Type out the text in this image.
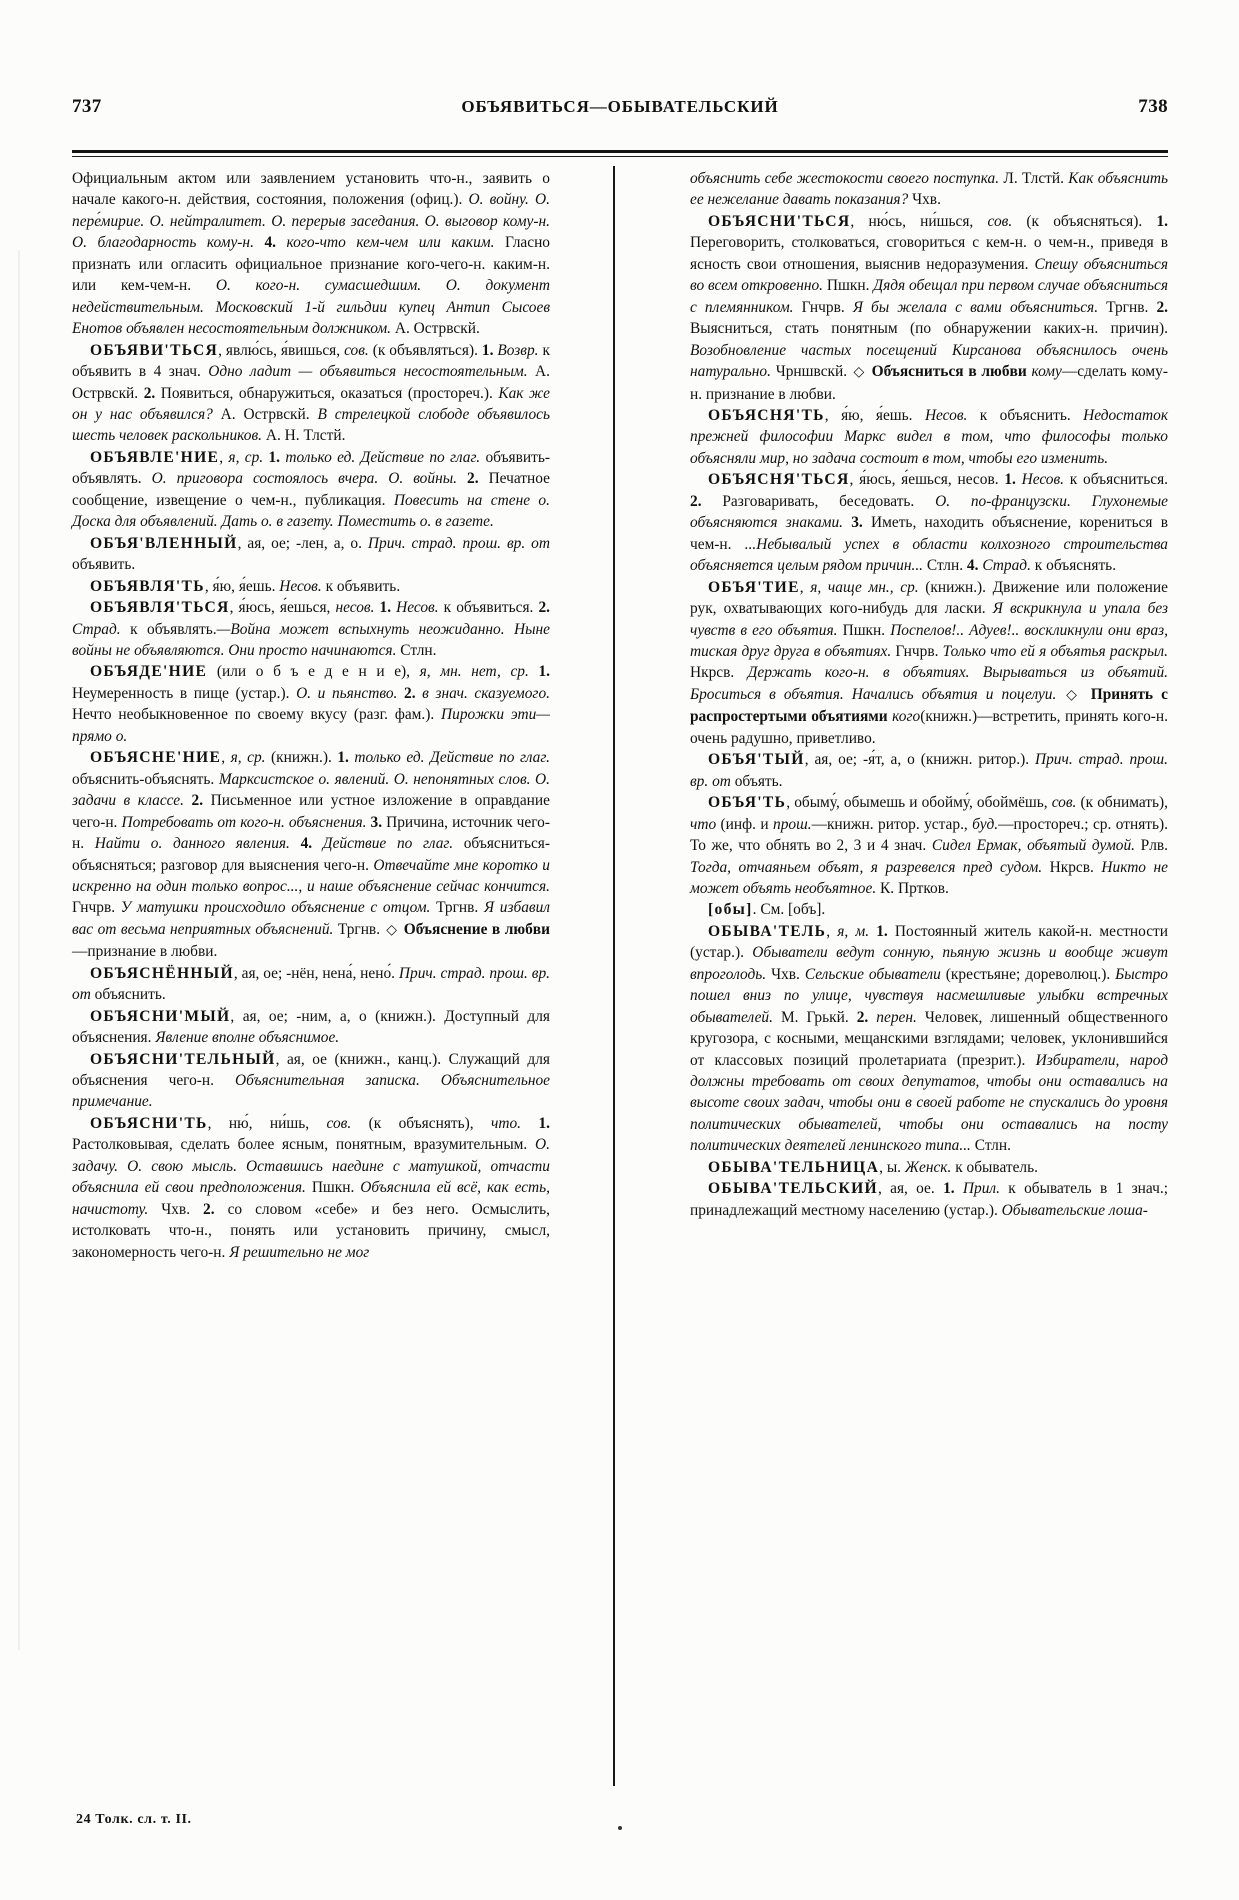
737	ОБЪЯВИТЬСЯ—ОБЫВАТЕЛЬСКИЙ	738

Официальным актом или заявлением установить что-н., заявить о начале какого-н. действия, состояния, положения (офиц.). О. войну. О. пере́мирие. О. нейтралитет. О. перерыв заседания. О. выговор кому-н. О. благодарность кому-н. 4. кого-что кем-чем или каким. Гласно признать или огласить официальное признание кого-чего-н. каким-н. или кем-чем-н. О. кого-н. сумасшедшим. О. документ недействительным. Московский 1-й гильдии купец Антип Сысоев Енотов объявлен несостоятельным должником. А. Острвскй.

ОБЪЯВИ'ТЬСЯ, явлю́сь, я́вишься, сов. (к объявляться). 1. Возвр. к объявить в 4 знач. Одно ладит — объявиться несостоятельным. А. Острвскй. 2. Появиться, обнаружиться, оказаться (простореч.). Как же он у нас объявился? А. Острвскй. В стрелецкой слободе объявилось шесть человек раскольников. А. Н. Тлстй.

ОБЪЯВЛЕ'НИЕ, я, ср. 1. только ед. Действие по глаг. объявить-объявлять. О. приговора состоялось вчера. О. войны. 2. Печатное сообщение, извещение о чем-н., публикация. Повесить на стене о. Доска для объявлений. Дать о. в газету. Поместить о. в газете.

ОБЪЯ'ВЛЕННЫЙ, ая, ое; -лен, а, о. Прич. страд. прош. вр. от объявить.

ОБЪЯВЛЯ'ТЬ, я́ю, я́ешь. Несов. к объявить.

ОБЪЯВЛЯ'ТЬСЯ, я́юсь, я́ешься, несов. 1. Несов. к объявиться. 2. Страд. к объявлять.—Война может вспыхнуть неожиданно. Ныне войны не объявляются. Они просто начинаются. Стлн.

ОБЪЯДЕ'НИЕ (или о б ъ е д е н и е), я, мн. нет, ср. 1. Неумеренность в пище (устар.). О. и пьянство. 2. в знач. сказуемого. Нечто необыкновенное по своему вкусу (разг. фам.). Пирожки эти—прямо о.

ОБЪЯСНЕ'НИЕ, я, ср. (книжн.). 1. только ед. Действие по глаг. объяснить-объяснять. Марксистское о. явлений. О. непонятных слов. О. задачи в классе. 2. Письменное или устное изложение в оправдание чего-н. Потребовать от кого-н. объяснения. 3. Причина, источник чего-н. Найти о. данного явления. 4. Действие по глаг. объясниться-объясняться; разговор для выяснения чего-н. Отвечайте мне коротко и искренно на один только вопрос..., и наше объяснение сейчас кончится. Гнчрв. У матушки происходило объяснение с отцом. Тргнв. Я избавил вас от весьма неприятных объяснений. Тргнв. ◇ Объяснение в любви—признание в любви.

ОБЪЯСНЁННЫЙ, ая, ое; -нён, нена́, нено́. Прич. страд. прош. вр. от объяснить.

ОБЪЯСНИ'МЫЙ, ая, ое; -ним, а, о (книжн.). Доступный для объяснения. Явление вполне объяснимое.

ОБЪЯСНИ'ТЕЛЬНЫЙ, ая, ое (книжн., канц.). Служащий для объяснения чего-н. Объяснительная записка. Объяснительное примечание.

ОБЪЯСНИ'ТЬ, ню́, ни́шь, сов. (к объяснять), что. 1. Растолковывая, сделать более ясным, понятным, вразумительным. О. задачу. О. свою мысль. Оставшись наедине с матушкой, отчасти объяснила ей свои предположения. Пшкн. Объяснила ей всё, как есть, начистоту. Чхв. 2. со словом «себе» и без него. Осмыслить, истолковать что-н., понять или установить причину, смысл, закономерность чего-н. Я решительно не мог

объяснить себе жестокости своего поступка. Л. Тлстй. Как объяснить ее нежелание давать показания? Чхв.

ОБЪЯСНИ'ТЬСЯ, ню́сь, ни́шься, сов. (к объясняться). 1. Переговорить, столковаться, сговориться с кем-н. о чем-н., приведя в ясность свои отношения, выяснив недоразумения. Спешу объясниться во всем откровенно. Пшкн. Дядя обещал при первом случае объясниться с племянником. Гнчрв. Я бы желала с вами объясниться. Тргнв. 2. Выясниться, стать понятным (по обнаружении каких-н. причин). Возобновление частых посещений Кирсанова объяснилось очень натурально. Чрншвскй. ◇ Объясниться в любви кому—сделать кому-н. признание в любви.

ОБЪЯСНЯ'ТЬ, я́ю, я́ешь. Несов. к объяснить. Недостаток прежней философии Маркс видел в том, что философы только объясняли мир, но задача состоит в том, чтобы его изменить.

ОБЪЯСНЯ'ТЬСЯ, я́юсь, я́ешься, несов. 1. Несов. к объясниться. 2. Разговаривать, беседовать. О. по-французски. Глухонемые объясняются знаками. 3. Иметь, находить объяснение, корениться в чем-н. ...Небывалый успех в области колхозного строительства объясняется целым рядом причин... Стлн. 4. Страд. к объяснять.

ОБЪЯ'ТИЕ, я, чаще мн., ср. (книжн.). Движение или положение рук, охватывающих кого-нибудь для ласки. Я вскрикнула и упала без чувств в его объятия. Пшкн. Поспелов!.. Адуев!.. воскликнули они враз, тиская друг друга в объятиях. Гнчрв. Только что ей я объятья раскрыл. Нкрсв. Держать кого-н. в объятиях. Вырываться из объятий. Броситься в объятия. Начались объятия и поцелуи. ◇ Принять с распростертыми объятиями кого(книжн.)—встретить, принять кого-н. очень радушно, приветливо.

ОБЪЯ'ТЫЙ, ая, ое; -я́т, а, о (книжн. ритор.). Прич. страд. прош. вр. от объять.

ОБЪЯ'ТЬ, обыму́, обымешь и обойму́, обоймёшь, сов. (к обнимать), что (инф. и прош.—книжн. ритор. устар., буд.—простореч.; ср. отнять). То же, что обнять во 2, 3 и 4 знач. Сидел Ермак, объятый думой. Рлв. Тогда, отчаяньем объят, я разревелся пред судом. Нкрсв. Никто не может объять необъятное. К. Пртков.

[обы]. См. [объ].

ОБЫВА'ТЕЛЬ, я, м. 1. Постоянный житель какой-н. местности (устар.). Обыватели ведут сонную, пьяную жизнь и вообще живут впроголодь. Чхв. Сельские обыватели (крестьяне; дореволюц.). Быстро пошел вниз по улице, чувствуя насмешливые улыбки встречных обывателей. М. Грькй. 2. перен. Человек, лишенный общественного кругозора, с косными, мещанскими взглядами; человек, уклонившийся от классовых позиций пролетариата (презрит.). Избиратели, народ должны требовать от своих депутатов, чтобы они оставались на высоте своих задач, чтобы они в своей работе не спускались до уровня политических обывателей, чтобы они оставались на посту политических деятелей ленинского типа... Стлн.

ОБЫВА'ТЕЛЬНИЦА, ы. Женск. к обыватель.

ОБЫВА'ТЕЛЬСКИЙ, ая, ое. 1. Прил. к обыватель в 1 знач.; принадлежащий местному населению (устар.). Обывательские лоша-

24 Толк. сл. т. II.
